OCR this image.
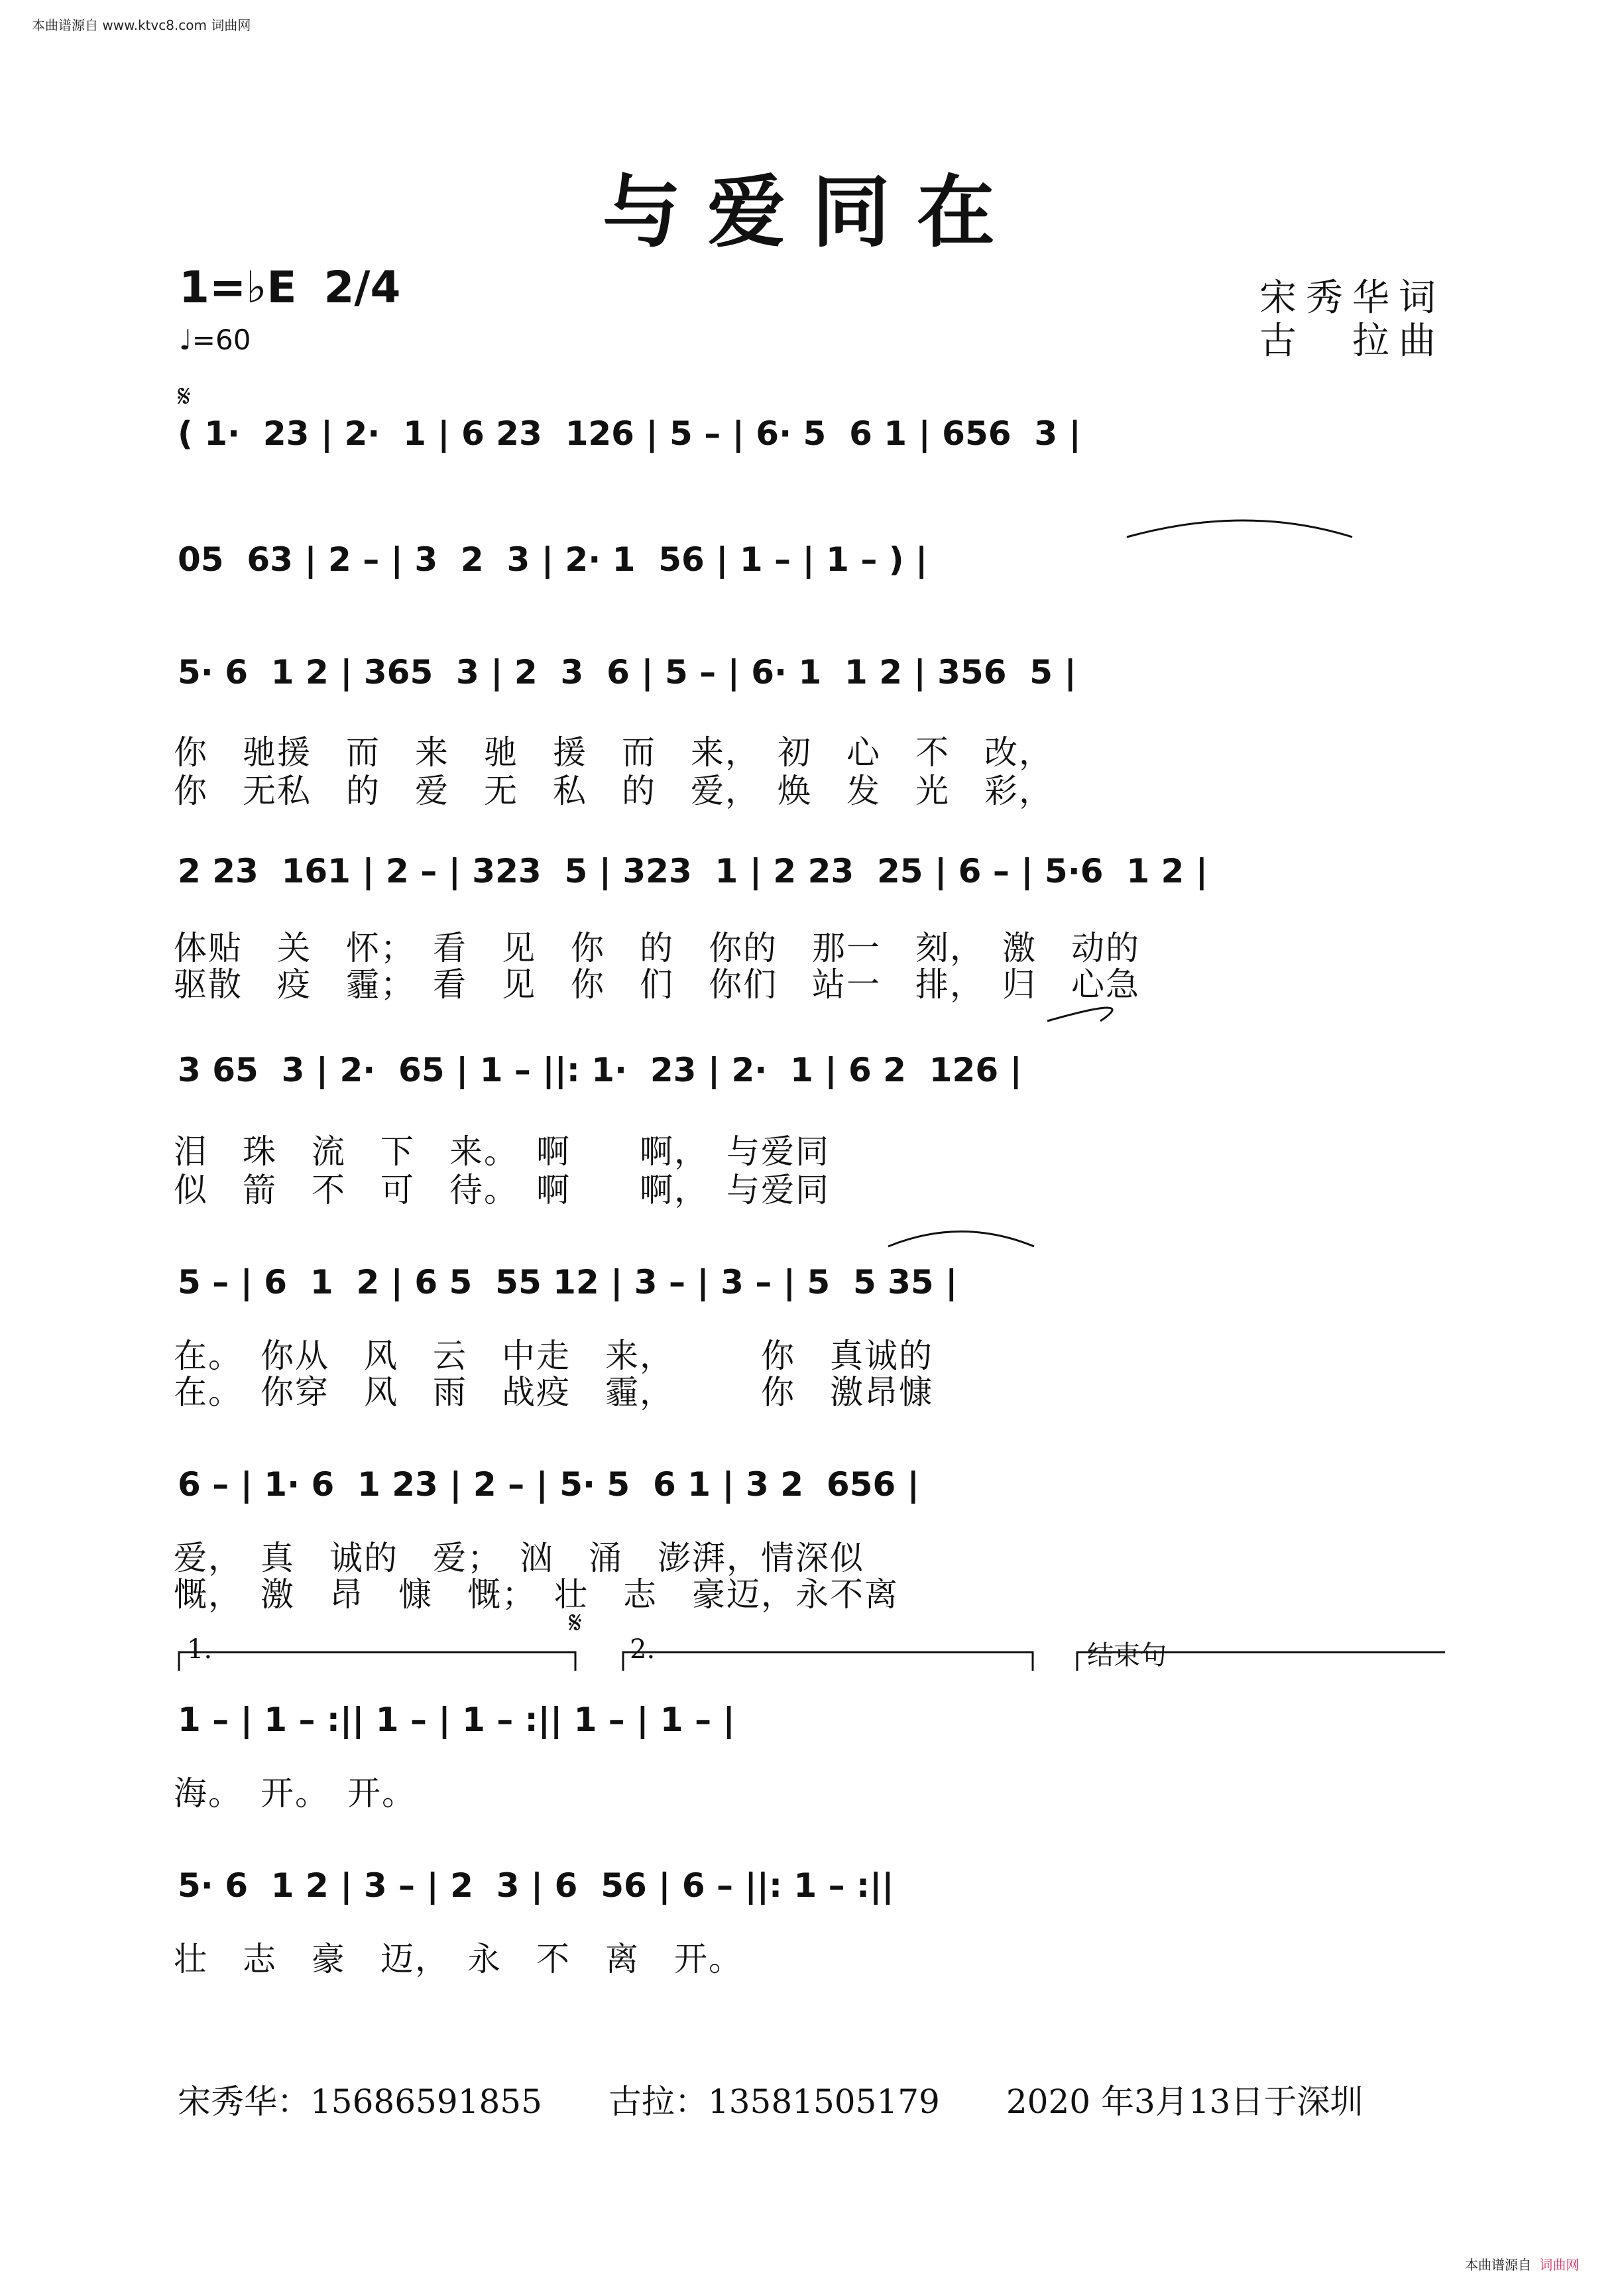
本曲谱源自 www.ktvc8.com 词曲网
与爱同在
1=♭E 2/4
♩=60
宋秀华词
古　拉曲
𝄋
𝄋
( 1·  23 | 2·  1 | 6 23  126 | 5 – | 6· 5  6 1 | 656  3 |
05  63 | 2 – | 3  2  3 | 2· 1  56 | 1 – | 1 – ) |
5· 6  1 2 | 365  3 | 2  3  6 | 5 – | 6· 1  1 2 | 356  5 |
你　驰援　而　来　驰　援　而　来，　初　心　不　改，
你　无私　的　爱　无　私　的　爱，　焕　发　光　彩，
2 23  161 | 2 – | 323  5 | 323  1 | 2 23  25 | 6 – | 5·6  1 2 |
体贴　关　怀；　看　见　你　的　你的　那一　刻，　激　动的
驱散　疫　霾；　看　见　你　们　你们　站一　排，　归　心急
3 65  3 | 2·  65 | 1 – ||: 1·  23 | 2·  1 | 6 2  126 |
泪　珠　流　下　来。　啊　　啊，　与爱同
似　箭　不　可　待。　啊　　啊，　与爱同
5 – | 6  1  2 | 6 5  55 12 | 3 – | 3 – | 5  5 35 |
在。　你从　风　云　中走　来，　　　你　真诚的
在。　你穿　风　雨　战疫　霾，　　　你　激昂慷
6 – | 1· 6  1 23 | 2 – | 5· 5  6 1 | 3 2  656 |
爱，　真　诚的　爱；　汹　涌　澎湃，情深似
慨，　激　昂　慷　慨；　壮　志　豪迈，永不离
1.	2.	结束句
1 – | 1 – :|| 1 – | 1 – :|| 1 – | 1 – |
海。　开。　开。
5· 6  1 2 | 3 – | 2  3 | 6  56 | 6 – ||: 1 – :||
壮　志　豪　迈，　永　不　离　开。
宋秀华：15686591855　　古拉：13581505179　　2020 年3月13日于深圳
本曲谱源自 词曲网
